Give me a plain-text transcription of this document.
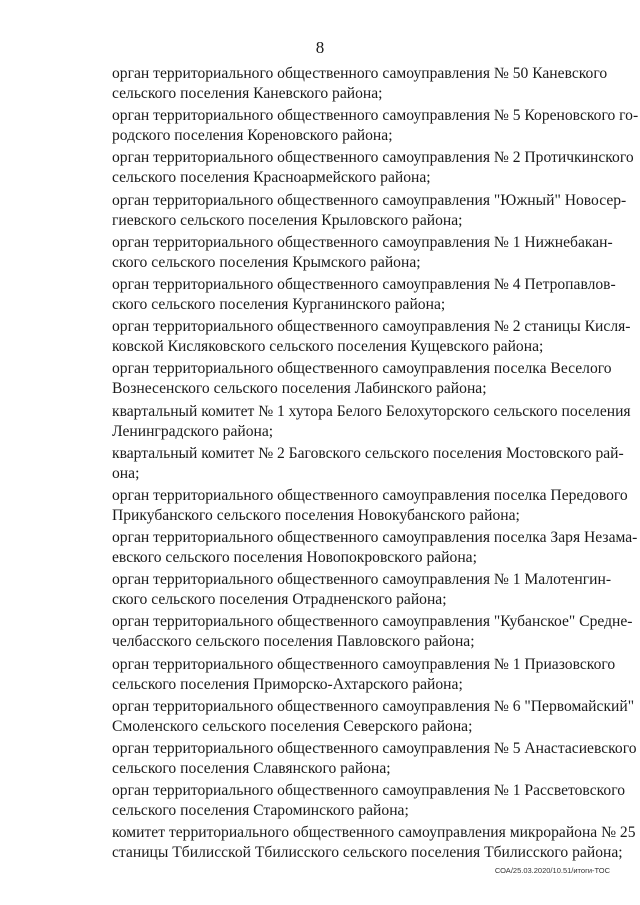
8

орган территориального общественного самоуправления № 50 Каневского
сельского поселения Каневского района;

орган территориального общественного самоуправления № 5 Кореновского го-
родского поселения Кореновского района;

орган территориального общественного самоуправления № 2 Протичкинского
сельского поселения Красноармейского района;

орган территориального общественного самоуправления "Южный" Новосер-
гиевского сельского поселения Крыловского района;

орган территориального общественного самоуправления № 1 Нижнебакан-
ского сельского поселения Крымского района;

орган территориального общественного самоуправления № 4 Петропавлов-
ского сельского поселения Курганинского района;

орган территориального общественного самоуправления № 2 станицы Кисля-
ковской Кисляковского сельского поселения Кущевского района;

орган территориального общественного самоуправления поселка Веселого
Вознесенского сельского поселения Лабинского района;

квартальный комитет № 1 хутора Белого Белохуторского сельского поселения
Ленинградского района;

квартальный комитет № 2 Баговского сельского поселения Мостовского рай-
она;

орган территориального общественного самоуправления поселка Передового
Прикубанского сельского поселения Новокубанского района;

орган территориального общественного самоуправления поселка Заря Незама-
евского сельского поселения Новопокровского района;

орган территориального общественного самоуправления № 1 Малотенгин-
ского сельского поселения Отрадненского района;

орган территориального общественного самоуправления "Кубанское" Средне-
челбасского сельского поселения Павловского района;

орган территориального общественного самоуправления № 1 Приазовского
сельского поселения Приморско-Ахтарского района;

орган территориального общественного самоуправления № 6 "Первомайский"
Смоленского сельского поселения Северского района;

орган территориального общественного самоуправления № 5 Анастасиевского
сельского поселения Славянского района;

орган территориального общественного самоуправления № 1 Рассветовского
сельского поселения Староминского района;

комитет территориального общественного самоуправления микрорайона № 25
станицы Тбилисской Тбилисского сельского поселения Тбилисского района;

СОА/25.03.2020/10.51/итоги-ТОС
